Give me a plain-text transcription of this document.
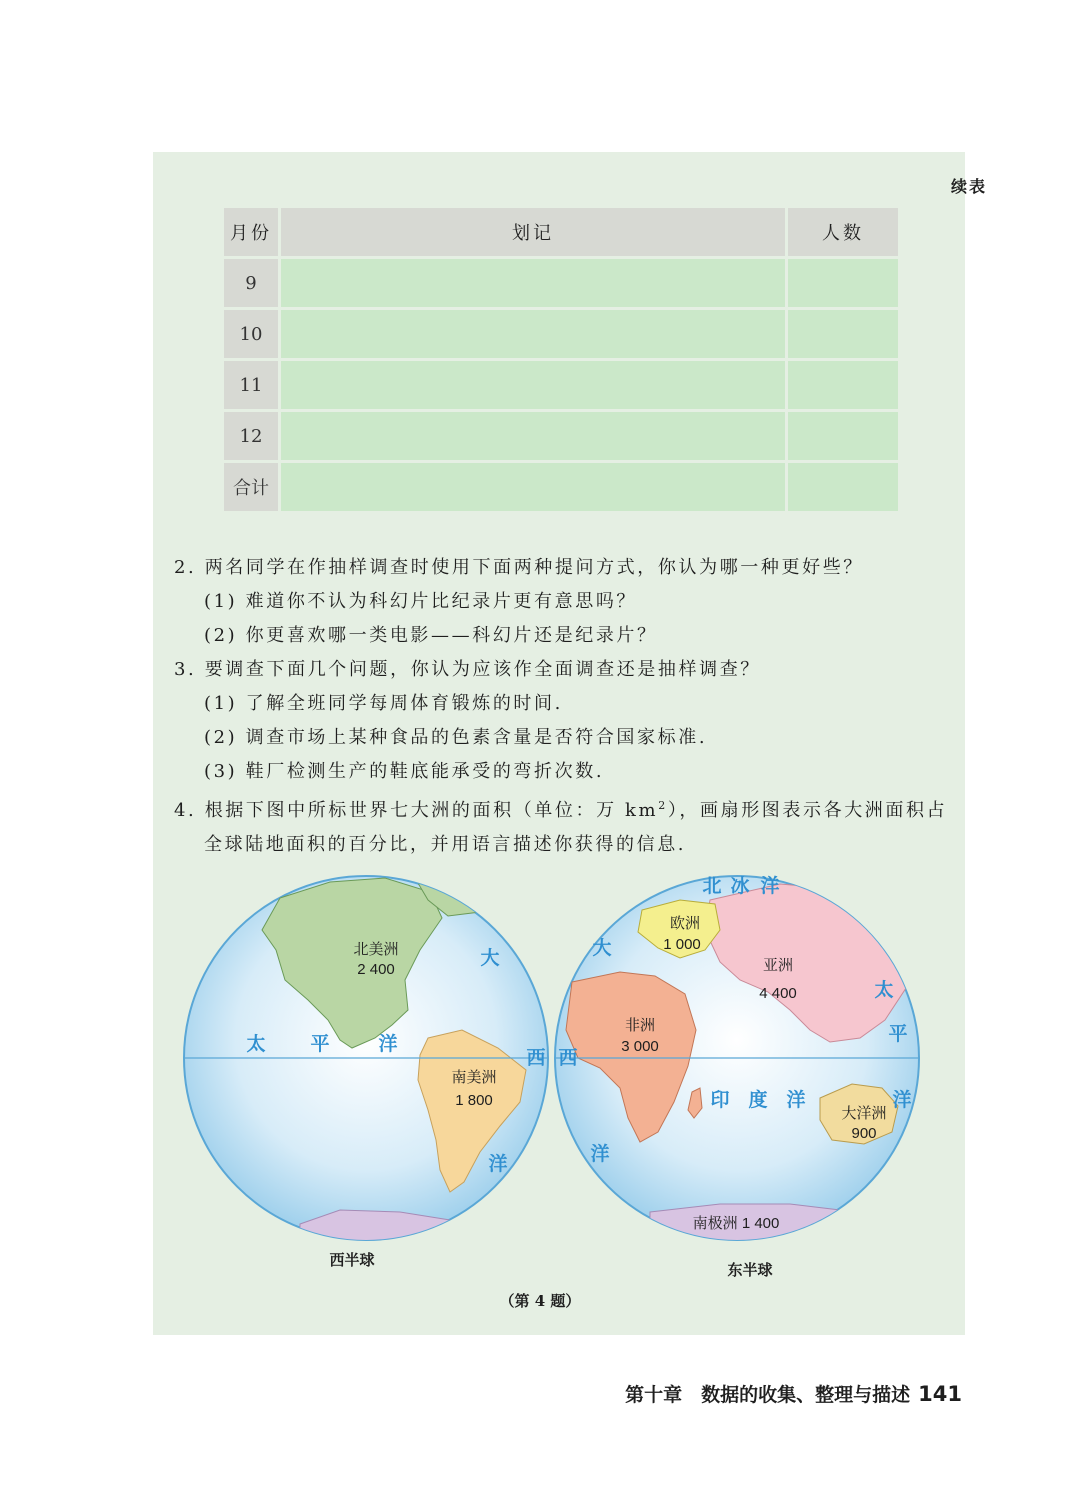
续表
月份	划记	人数
9		
10		
11		
12		
合计		

2. 两名同学在作抽样调查时使用下面两种提问方式，你认为哪一种更好些？

(1) 难道你不认为科幻片比纪录片更有意思吗？

(2) 你更喜欢哪一类电影——科幻片还是纪录片？

3. 要调查下面几个问题，你认为应该作全面调查还是抽样调查？

(1) 了解全班同学每周体育锻炼的时间.

(2) 调查市场上某种食品的色素含量是否符合国家标准.

(3) 鞋厂检测生产的鞋底能承受的弯折次数.

4. 根据下图中所标世界七大洲的面积（单位：万 $km^2$），画扇形图表示各大洲面积占

全球陆地面积的百分比，并用语言描述你获得的信息.

北美洲
2 400
南美洲
1 800
欧洲
1 000
亚洲
4 400
非洲
3 000
大洋洲
900
南极洲 1 400
太 平	洋
大
西
洋
大
西
洋
印 度 洋
北 冰 洋
太
平
洋
西半球
东半球
（第 4 题）
第十章　数据的收集、整理与描述 141
